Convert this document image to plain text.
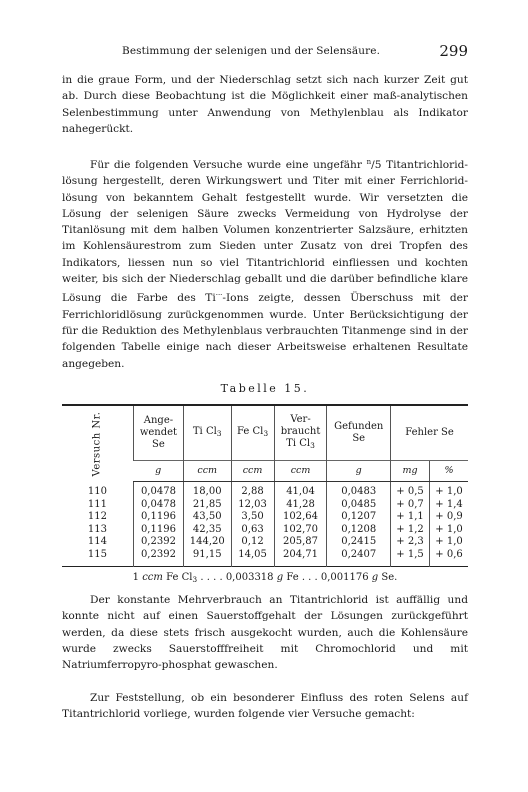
Bestimmung der selenigen und der Selensäure.	299

in die graue Form, und der Niederschlag setzt sich nach kurzer Zeit gut ab. Durch diese Beobachtung ist die Möglichkeit einer maß-analytischen Selenbestimmung unter Anwendung von Methylenblau als Indikator nahegerückt.

Für die folgenden Versuche wurde eine ungefähr $^n$/5 Titantrichlorid-lösung hergestellt, deren Wirkungswert und Titer mit einer Ferrichlorid-lösung von bekanntem Gehalt festgestellt wurde. Wir versetzten die Lösung der selenigen Säure zwecks Vermeidung von Hydrolyse der Titanlösung mit dem halben Volumen konzentrierter Salzsäure, erhitzten im Kohlensäurestrom zum Sieden unter Zusatz von drei Tropfen des Indikators, liessen nun so viel Titantrichlorid einfliessen und kochten weiter, bis sich der Niederschlag geballt und die darüber befindliche klare Lösung die Farbe des Ti···-Ions zeigte, dessen Überschuss mit der Ferrichloridlösung zurückgenommen wurde. Unter Berücksichtigung der für die Reduktion des Methylenblaus verbrauchten Titanmenge sind in der folgenden Tabelle einige nach dieser Arbeitsweise erhaltenen Resultate angegeben.

Tabelle 15.
Versuch Nr.	Ange-
wendet
Se	Ti $Cl_3$	Fe $Cl_3$	Ver-
braucht
Ti $Cl_3$	Gefunden
Se	Fehler Se	
	g	ccm	ccm	ccm	g	mg	%
110	0,0478	18,00	2,88	41,04	0,0483	+ 0,5	+ 1,0
111	0,0478	21,85	12,03	41,28	0,0485	+ 0,7	+ 1,4
112	0,1196	43,50	3,50	102,64	0,1207	+ 1,1	+ 0,9
113	0,1196	42,35	0,63	102,70	0,1208	+ 1,2	+ 1,0
114	0,2392	144,20	0,12	205,87	0,2415	+ 2,3	+ 1,0
115	0,2392	91,15	14,05	204,71	0,2407	+ 1,5	+ 0,6
1 ccm Fe $Cl_3$ . . . . 0,003318 g Fe . . . 0,001176 g Se.

Der konstante Mehrverbrauch an Titantrichlorid ist auffällig und konnte nicht auf einen Sauerstoffgehalt der Lösungen zurückgeführt werden, da diese stets frisch ausgekocht wurden, auch die Kohlensäure wurde zwecks Sauerstofffreiheit mit Chromochlorid und mit Natriumferropyro-phosphat gewaschen.

Zur Feststellung, ob ein besonderer Einfluss des roten Selens auf Titantrichlorid vorliege, wurden folgende vier Versuche gemacht:
